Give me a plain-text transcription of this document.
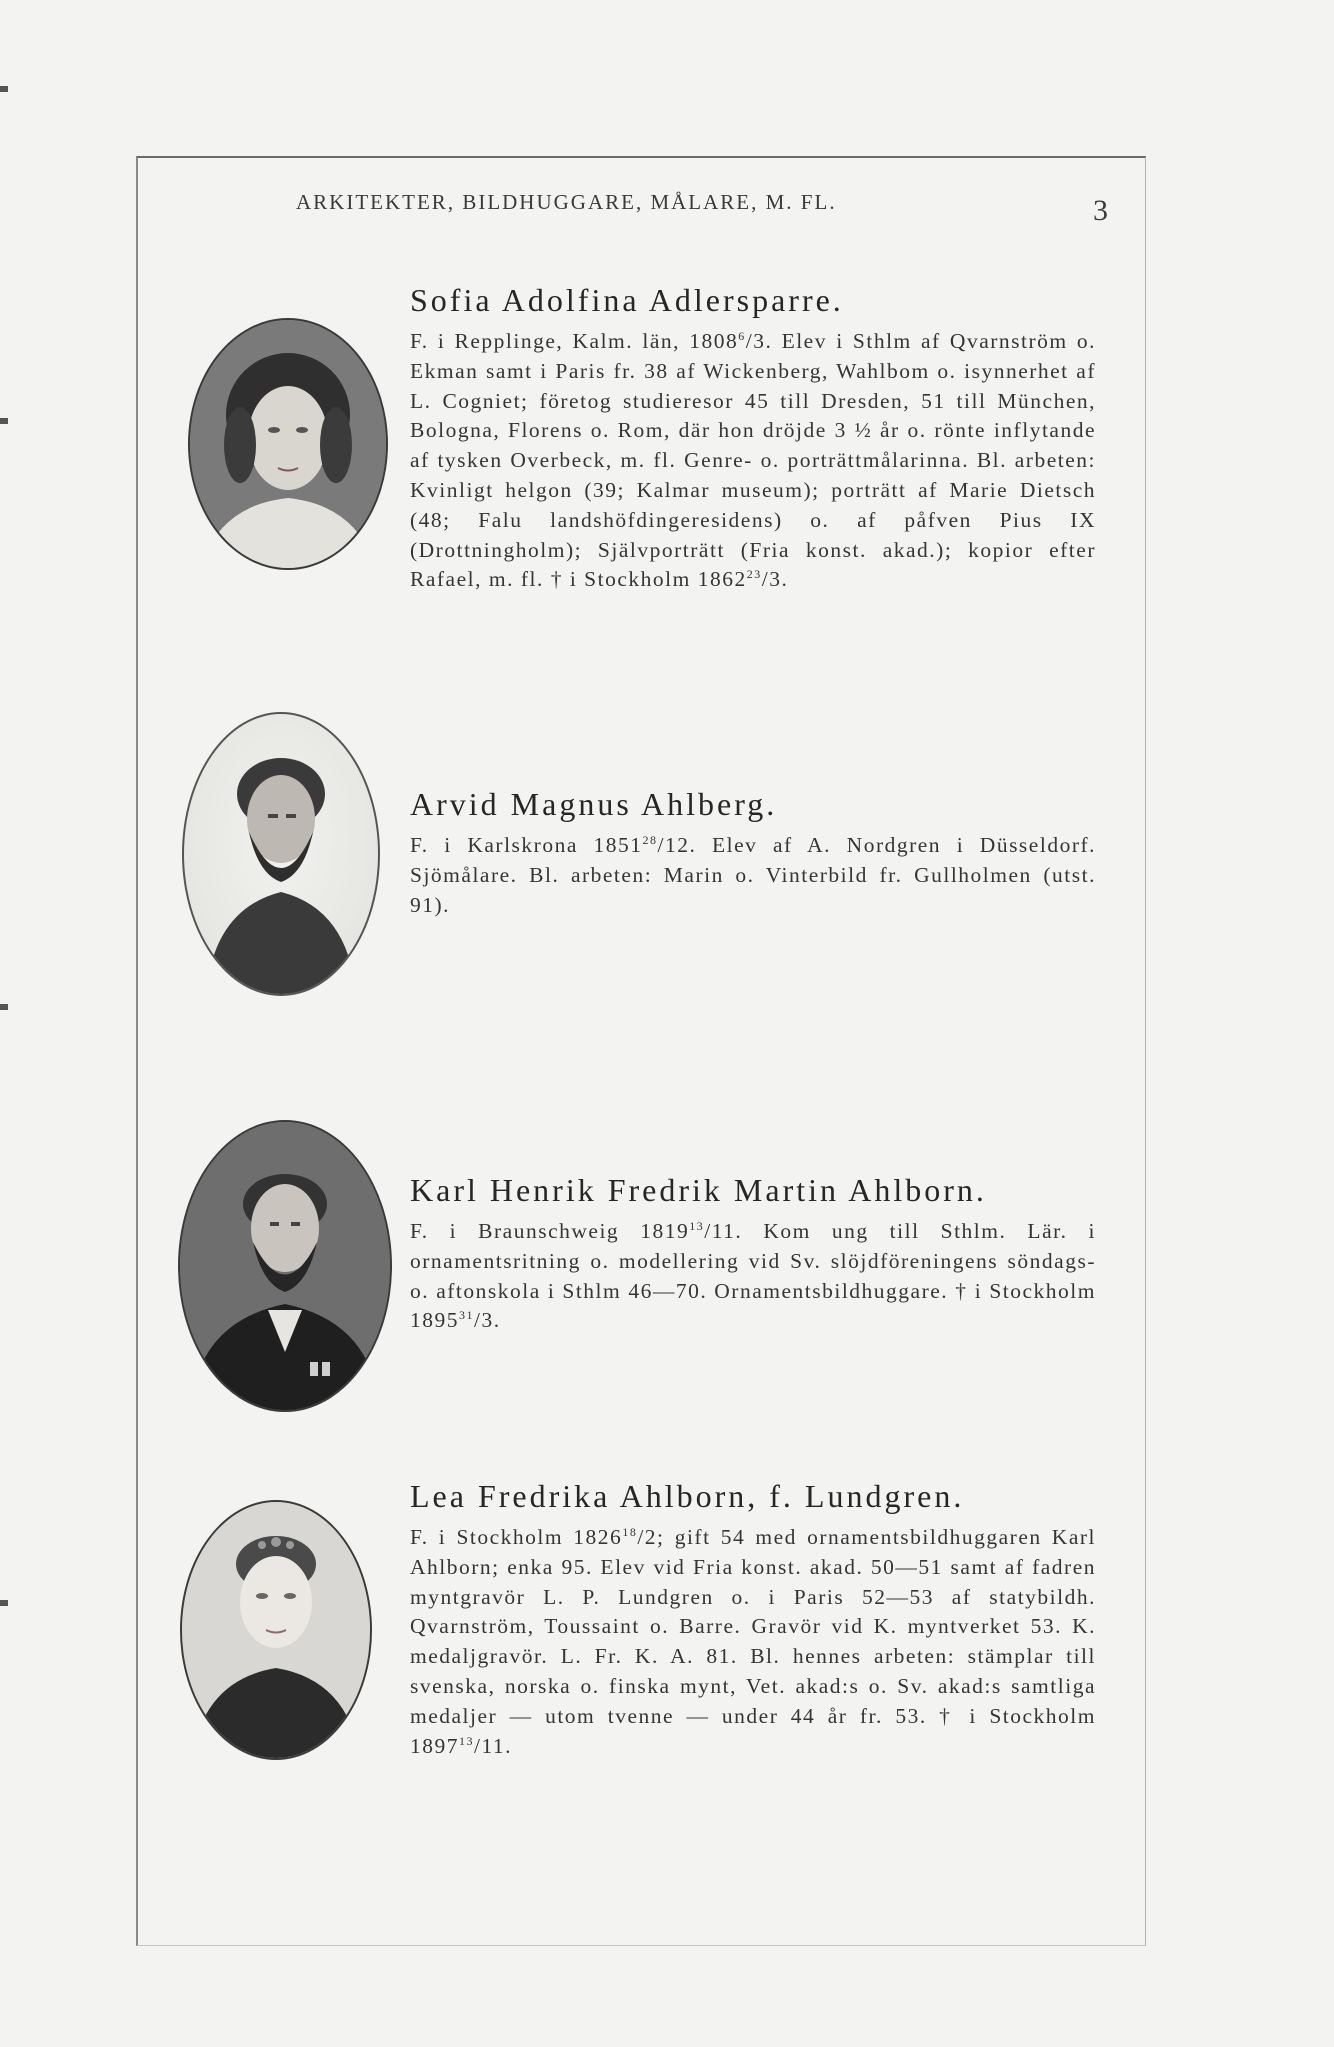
ARKITEKTER, BILDHUGGARE, MÅLARE, M. FL.	3
Sofia Adolfina Adlersparre.

F. i Repplinge, Kalm. län, 1808$^6$/3. Elev i Sthlm af Qvarnström o. Ekman samt i Paris fr. 38 af Wickenberg, Wahlbom o. isynnerhet af L. Cogniet; företog studieresor 45 till Dresden, 51 till München, Bologna, Florens o. Rom, där hon dröjde 3 ½ år o. rönte inflytande af tysken Overbeck, m. fl. Genre- o. porträttmålarinna. Bl. arbeten: Kvinligt helgon (39; Kalmar museum); porträtt af Marie Dietsch (48; Falu landshöfdingeresidens) o. af påfven Pius IX (Drottningholm); Självporträtt (Fria konst. akad.); kopior efter Rafael, m. fl. † i Stockholm 1862$^{23}$/3.

Arvid Magnus Ahlberg.

F. i Karlskrona 1851$^{28}$/12. Elev af A. Nordgren i Düsseldorf. Sjömålare. Bl. arbeten: Marin o. Vinterbild fr. Gullholmen (utst. 91).

Karl Henrik Fredrik Martin Ahlborn.

F. i Braunschweig 1819$^{13}$/11. Kom ung till Sthlm. Lär. i ornamentsritning o. modellering vid Sv. slöjdföreningens söndags- o. aftonskola i Sthlm 46—70. Ornamentsbildhuggare. † i Stockholm 1895$^{31}$/3.

Lea Fredrika Ahlborn, f. Lundgren.

F. i Stockholm 1826$^{18}$/2; gift 54 med ornamentsbildhuggaren Karl Ahlborn; enka 95. Elev vid Fria konst. akad. 50—51 samt af fadren myntgravör L. P. Lundgren o. i Paris 52—53 af statybildh. Qvarnström, Toussaint o. Barre. Gravör vid K. myntverket 53. K. medaljgravör. L. Fr. K. A. 81. Bl. hennes arbeten: stämplar till svenska, norska o. finska mynt, Vet. akad:s o. Sv. akad:s samtliga medaljer — utom tvenne — under 44 år fr. 53. † i Stockholm 1897$^{13}$/11.
